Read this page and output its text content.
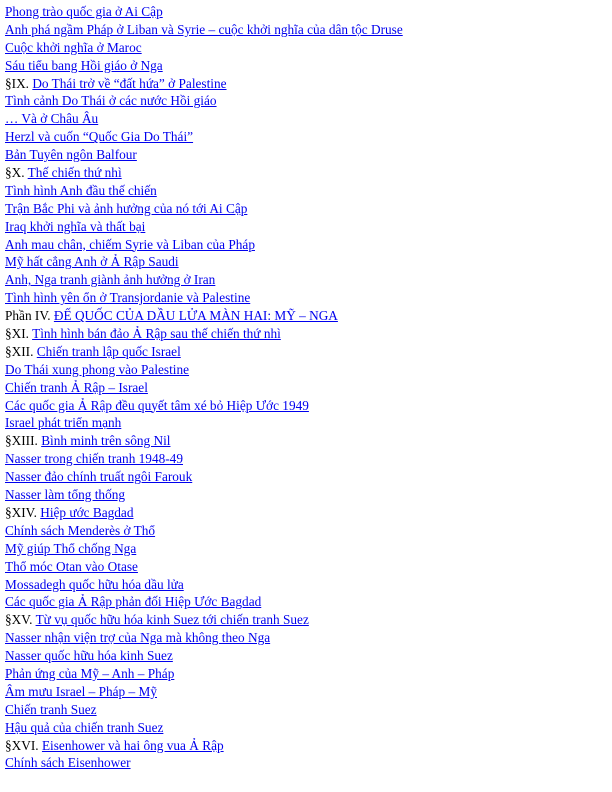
Phong trào quốc gia ở Ai Cập
Anh phá ngầm Pháp ở Liban và Syrie – cuộc khởi nghĩa của dân tộc Druse
Cuộc khởi nghĩa ở Maroc
Sáu tiểu bang Hồi giáo ở Nga
§IX. Do Thái trở về “đất hứa” ở Palestine
Tình cảnh Do Thái ở các nước Hồi giáo
… Và ở Châu Âu
Herzl và cuốn “Quốc Gia Do Thái”
Bản Tuyên ngôn Balfour
§X. Thế chiến thứ nhì
Tình hình Anh đầu thế chiến
Trận Bắc Phi và ảnh hưởng của nó tới Ai Cập
Iraq khởi nghĩa và thất bại
Anh mau chân, chiếm Syrie và Liban của Pháp
Mỹ hất cẳng Anh ở Ả Rập Saudi
Anh, Nga tranh giành ảnh hưởng ở Iran
Tình hình yên ổn ở Transjordanie và Palestine
Phần IV. ĐẾ QUỐC CỦA DẦU LỬA MÀN HAI: MỸ – NGA
§XI. Tình hình bán đảo Ả Rập sau thế chiến thứ nhì
§XII. Chiến tranh lập quốc Israel
Do Thái xung phong vào Palestine
Chiến tranh Ả Rập – Israel
Các quốc gia Ả Rập đều quyết tâm xé bỏ Hiệp Ước 1949
Israel phát triển mạnh
§XIII. Bình minh trên sông Nil
Nasser trong chiến tranh 1948-49
Nasser đảo chính truất ngôi Farouk
Nasser làm tổng thống
§XIV. Hiệp ước Bagdad
Chính sách Menderès ở Thổ
Mỹ giúp Thổ chống Nga
Thổ móc Otan vào Otase
Mossadegh quốc hữu hóa dầu lửa
Các quốc gia Ả Rập phản đối Hiệp Ước Bagdad
§XV. Từ vụ quốc hữu hóa kinh Suez tới chiến tranh Suez
Nasser nhận viện trợ của Nga mà không theo Nga
Nasser quốc hữu hóa kinh Suez
Phản ứng của Mỹ – Anh – Pháp
Âm mưu Israel – Pháp – Mỹ
Chiến tranh Suez
Hậu quả của chiến tranh Suez
§XVI. Eisenhower và hai ông vua Ả Rập
Chính sách Eisenhower
